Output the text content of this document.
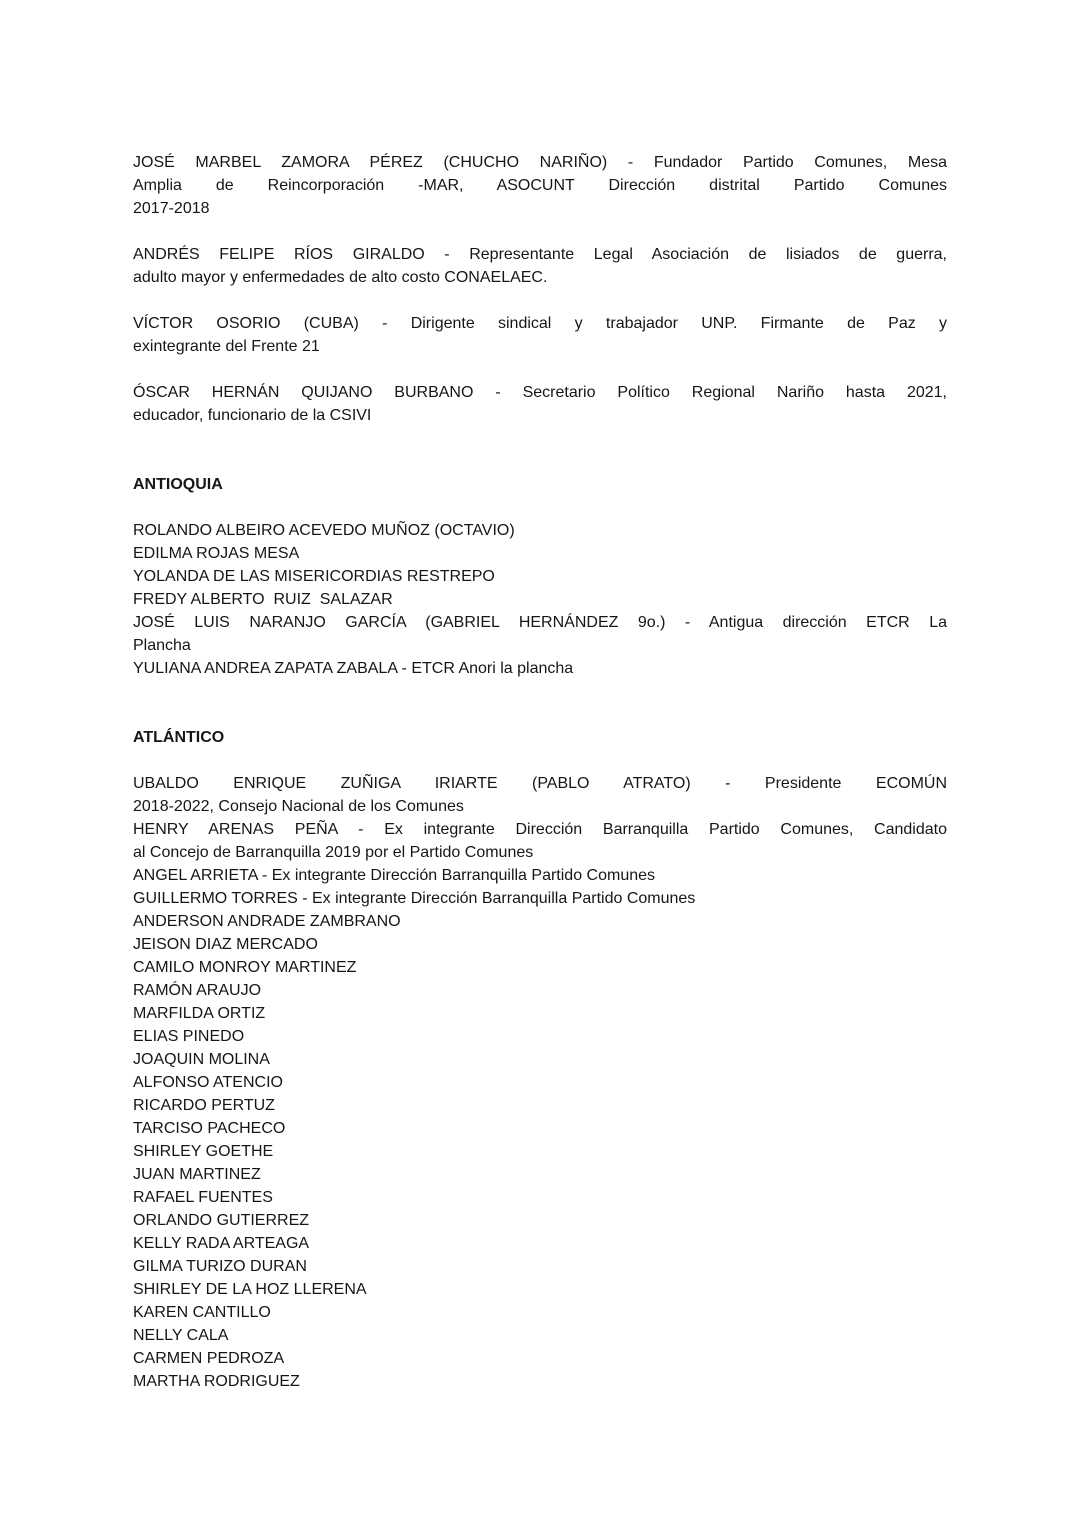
JOSÉ MARBEL ZAMORA PÉREZ (CHUCHO NARIÑO) - Fundador Partido Comunes, Mesa
Amplia de Reincorporación -MAR, ASOCUNT Dirección distrital Partido Comunes
2017-2018
ANDRÉS FELIPE RÍOS GIRALDO - Representante Legal Asociación de lisiados de guerra,
adulto mayor y enfermedades de alto costo CONAELAEC.
VÍCTOR OSORIO (CUBA) - Dirigente sindical y trabajador UNP. Firmante de Paz y
exintegrante del Frente 21
ÓSCAR HERNÁN QUIJANO BURBANO - Secretario Político Regional Nariño hasta 2021,
educador, funcionario de la CSIVI
ANTIOQUIA
ROLANDO ALBEIRO ACEVEDO MUÑOZ (OCTAVIO)
EDILMA ROJAS MESA
YOLANDA DE LAS MISERICORDIAS RESTREPO
FREDY ALBERTO  RUIZ  SALAZAR
JOSÉ LUIS NARANJO GARCÍA (GABRIEL HERNÁNDEZ 9o.) - Antigua dirección ETCR La
Plancha
YULIANA ANDREA ZAPATA ZABALA - ETCR Anori la plancha
ATLÁNTICO
UBALDO ENRIQUE ZUÑIGA IRIARTE (PABLO ATRATO) - Presidente ECOMÚN
2018-2022, Consejo Nacional de los Comunes
HENRY ARENAS PEÑA - Ex integrante Dirección Barranquilla Partido Comunes, Candidato
al Concejo de Barranquilla 2019 por el Partido Comunes
ANGEL ARRIETA - Ex integrante Dirección Barranquilla Partido Comunes
GUILLERMO TORRES - Ex integrante Dirección Barranquilla Partido Comunes
ANDERSON ANDRADE ZAMBRANO
JEISON DIAZ MERCADO
CAMILO MONROY MARTINEZ
RAMÓN ARAUJO
MARFILDA ORTIZ
ELIAS PINEDO
JOAQUIN MOLINA
ALFONSO ATENCIO
RICARDO PERTUZ
TARCISO PACHECO
SHIRLEY GOETHE
JUAN MARTINEZ
RAFAEL FUENTES
ORLANDO GUTIERREZ
KELLY RADA ARTEAGA
GILMA TURIZO DURAN
SHIRLEY DE LA HOZ LLERENA
KAREN CANTILLO
NELLY CALA
CARMEN PEDROZA
MARTHA RODRIGUEZ
